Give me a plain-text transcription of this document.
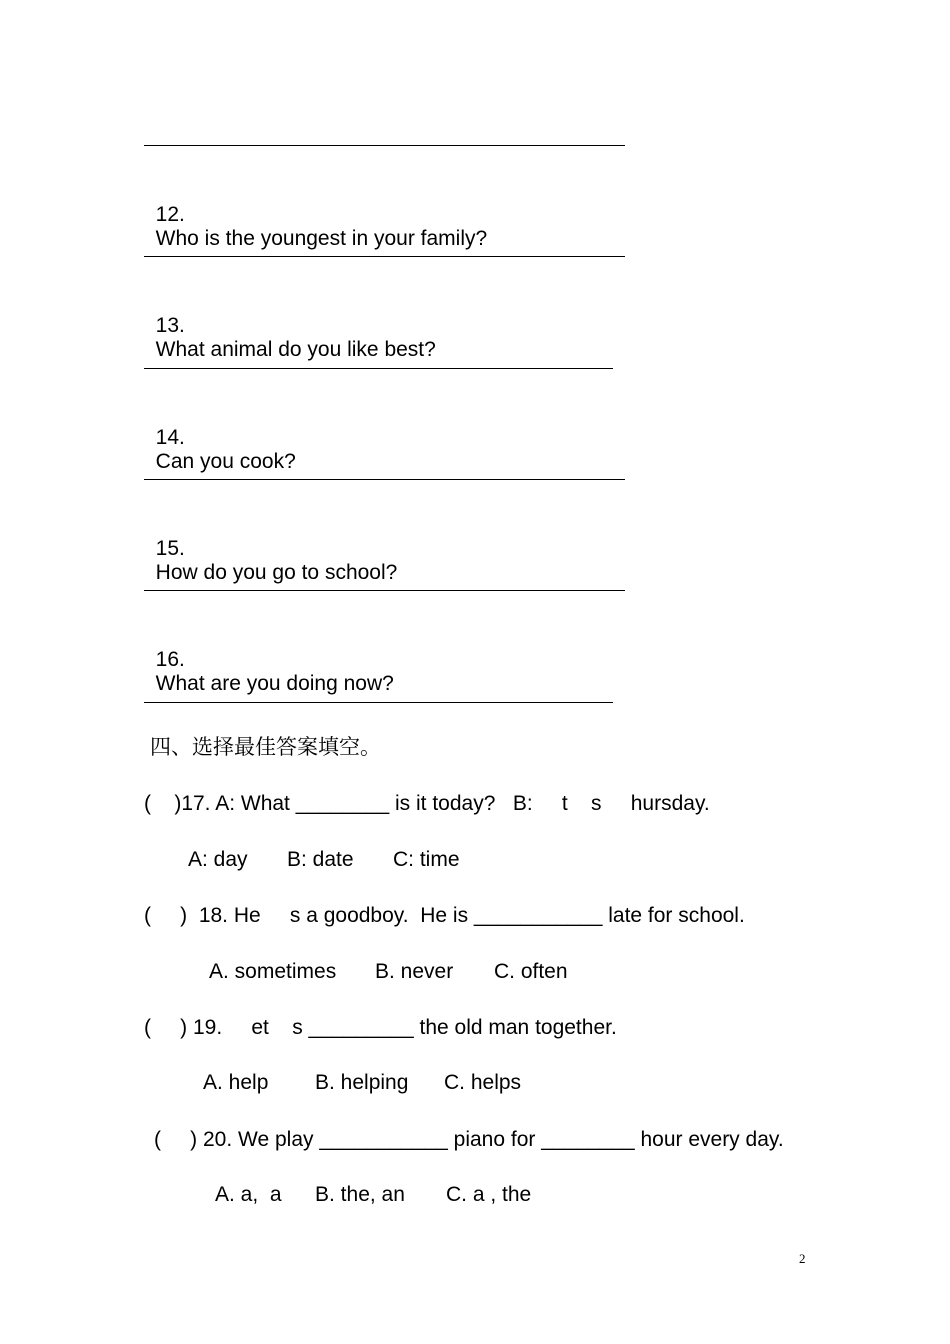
12.
Who is the youngest in your family?

13.
What animal do you like best?

14.
Can you cook?

15.
How do you go to school?

16.
What are you doing now?

四、选择最佳答案填空。
(    )17. A: What ________ is it today?   B:     t    s     hursday.
A: day B: date C: time
(     )  18. He     s a goodboy.  He is ___________ late for school.
A. sometimes B. never C. often
(     ) 19.     et    s _________ the old man together.
A. help B. helping C. helps
(     ) 20. We play ___________ piano for ________ hour every day.
A. a,  a B. the, an C. a , the
2
